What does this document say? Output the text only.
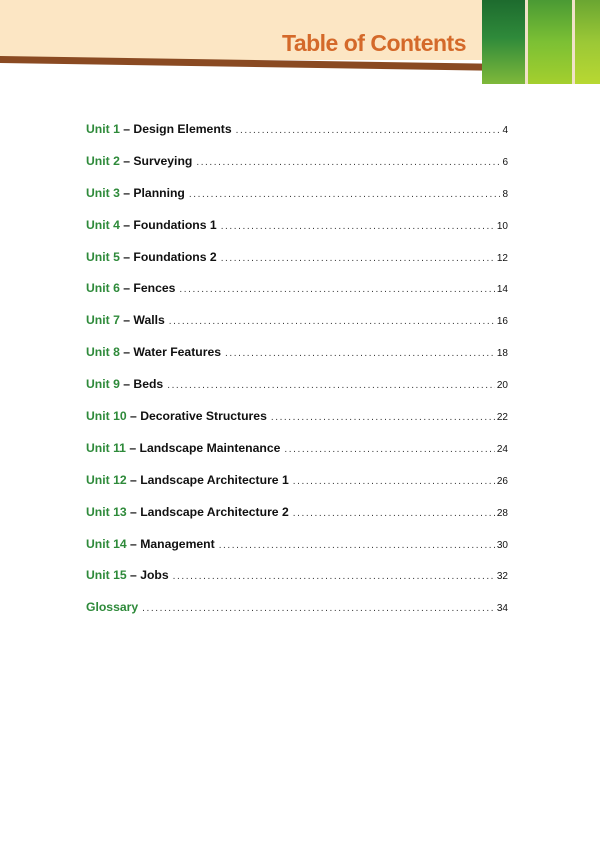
Table of Contents
Unit 1 – Design Elements . . .	4
Unit 2 – Surveying . . .	6
Unit 3 – Planning . . .	8
Unit 4 – Foundations 1 . . .	10
Unit 5 – Foundations 2 . . .	12
Unit 6 – Fences . . .	14
Unit 7 – Walls . . .	16
Unit 8 – Water Features . . .	18
Unit 9 – Beds . . .	20
Unit 10 – Decorative Structures . . .	22
Unit 11 – Landscape Maintenance . . .	24
Unit 12 – Landscape Architecture 1 . . .	26
Unit 13 – Landscape Architecture 2 . . .	28
Unit 14 – Management . . .	30
Unit 15 – Jobs . . .	32
Glossary . . .	34
